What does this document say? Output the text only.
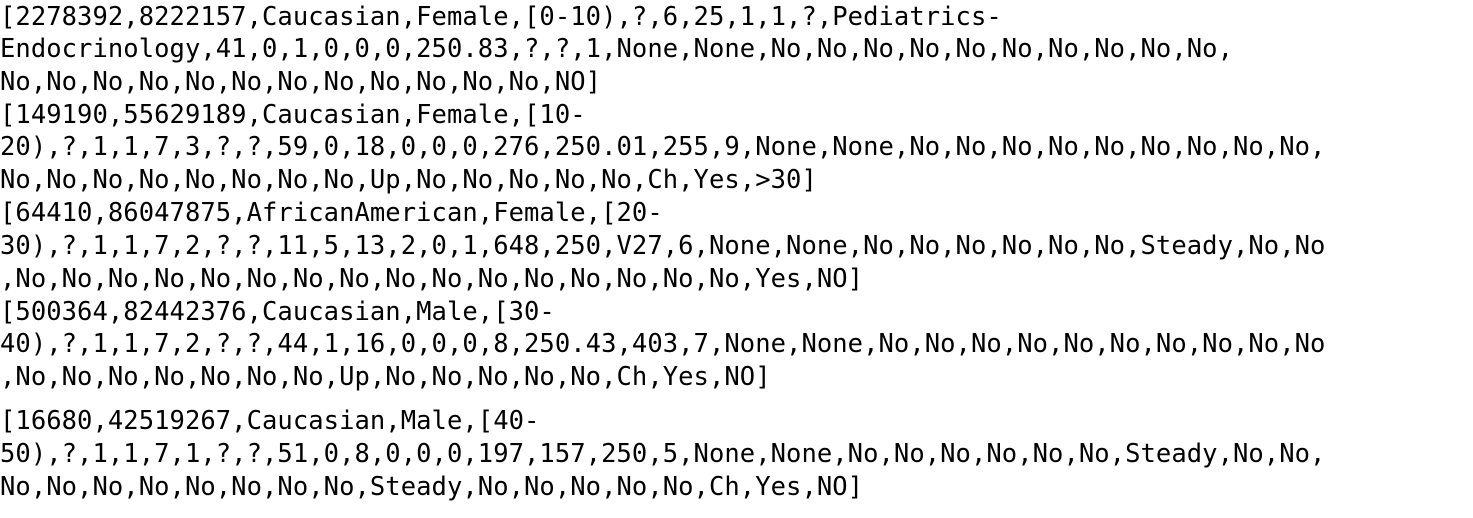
[2278392,8222157,Caucasian,Female,[0-10),?,6,25,1,1,?,Pediatrics-
Endocrinology,41,0,1,0,0,0,250.83,?,?,1,None,None,No,No,No,No,No,No,No,No,No,No,
No,No,No,No,No,No,No,No,No,No,No,No,NO]
[149190,55629189,Caucasian,Female,[10-
20),?,1,1,7,3,?,?,59,0,18,0,0,0,276,250.01,255,9,None,None,No,No,No,No,No,No,No,No,No,
No,No,No,No,No,No,No,No,Up,No,No,No,No,No,Ch,Yes,>30]
[64410,86047875,AfricanAmerican,Female,[20-
30),?,1,1,7,2,?,?,11,5,13,2,0,1,648,250,V27,6,None,None,No,No,No,No,No,No,Steady,No,No
,No,No,No,No,No,No,No,No,No,No,No,No,No,No,No,No,Yes,NO]
[500364,82442376,Caucasian,Male,[30-
40),?,1,1,7,2,?,?,44,1,16,0,0,0,8,250.43,403,7,None,None,No,No,No,No,No,No,No,No,No,No
,No,No,No,No,No,No,No,Up,No,No,No,No,No,Ch,Yes,NO]
[16680,42519267,Caucasian,Male,[40-
50),?,1,1,7,1,?,?,51,0,8,0,0,0,197,157,250,5,None,None,No,No,No,No,No,No,Steady,No,No,
No,No,No,No,No,No,No,No,Steady,No,No,No,No,No,Ch,Yes,NO]
